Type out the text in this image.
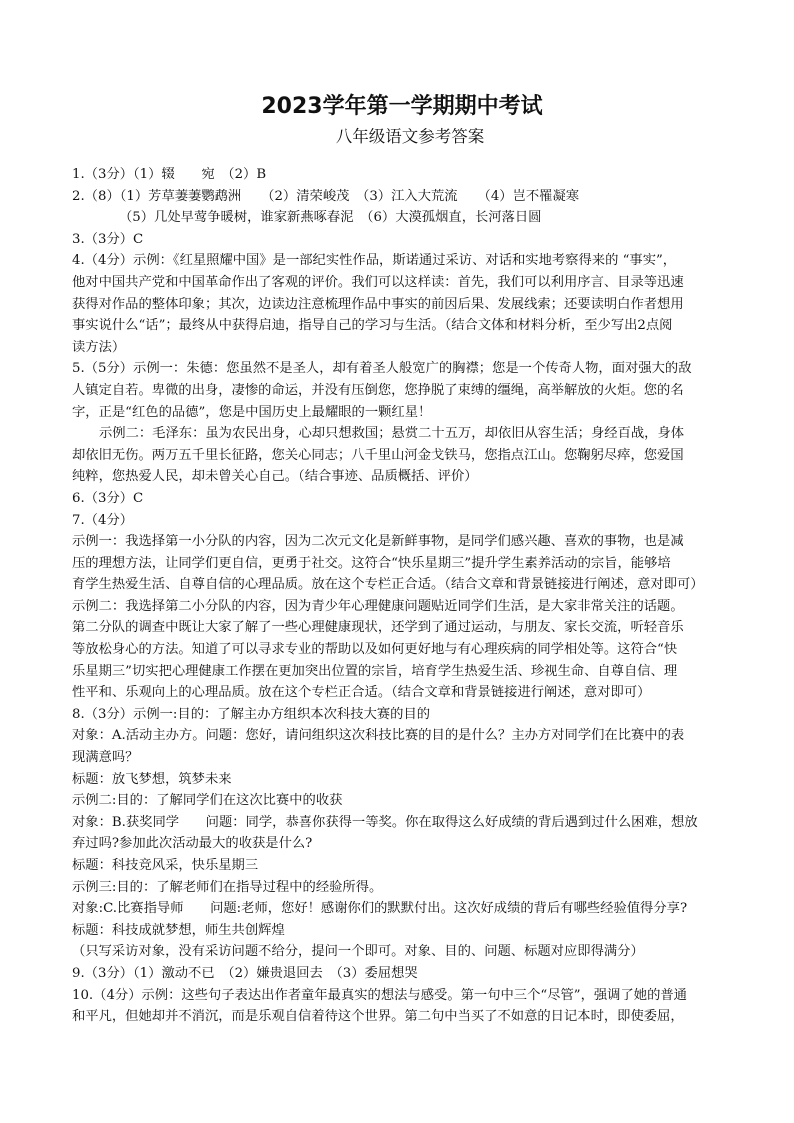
2023学年第一学期期中考试
八年级语文参考答案
1.（3分）（1）辍　　宛　（2）B
2.（8）（1）芳草萋萋鹦鹉洲　　（2）清荣峻茂　（3）江入大荒流　　（4）岂不罹凝寒
（5）几处早莺争暖树，谁家新燕啄春泥　（6）大漠孤烟直，长河落日圆
3.（3分）C
4.（4分）示例：《红星照耀中国》是一部纪实性作品，斯诺通过采访、对话和实地考察得来的 “事实”，
他对中国共产党和中国革命作出了客观的评价。我们可以这样读：首先，我们可以利用序言、目录等迅速
获得对作品的整体印象；其次，边读边注意梳理作品中事实的前因后果、发展线索；还要读明白作者想用
事实说什么“话”；最终从中获得启迪，指导自己的学习与生活。（结合文体和材料分析，至少写出2点阅
读方法）
5.（5分）示例一：朱德：您虽然不是圣人，却有着圣人般宽广的胸襟；您是一个传奇人物，面对强大的敌
人镇定自若。卑微的出身，凄惨的命运，并没有压倒您，您挣脱了束缚的缰绳，高举解放的火炬。您的名
字，正是“红色的品德”，您是中国历史上最耀眼的一颗红星！
示例二：毛泽东：虽为农民出身，心却只想救国；悬赏二十五万，却依旧从容生活；身经百战，身体
却依旧无伤。两万五千里长征路，您关心同志；八千里山河金戈铁马，您指点江山。您鞠躬尽瘁，您爱国
纯粹，您热爱人民，却未曾关心自己。（结合事迹、品质概括、评价）
6.（3分）C
7.（4分）
示例一：我选择第一小分队的内容，因为二次元文化是新鲜事物，是同学们感兴趣、喜欢的事物，也是减
压的理想方法，让同学们更自信，更勇于社交。这符合“快乐星期三”提升学生素养活动的宗旨，能够培
育学生热爱生活、自尊自信的心理品质。放在这个专栏正合适。（结合文章和背景链接进行阐述，意对即可）
示例二：我选择第二小分队的内容，因为青少年心理健康问题贴近同学们生活，是大家非常关注的话题。
第二分队的调查中既让大家了解了一些心理健康现状，还学到了通过运动，与朋友、家长交流，听轻音乐
等放松身心的方法。知道了可以寻求专业的帮助以及如何更好地与有心理疾病的同学相处等。这符合“快
乐星期三”切实把心理健康工作摆在更加突出位置的宗旨，培育学生热爱生活、珍视生命、自尊自信、理
性平和、乐观向上的心理品质。放在这个专栏正合适。（结合文章和背景链接进行阐述，意对即可）
8.（3分）示例一:目的：了解主办方组织本次科技大赛的目的
对象：A.活动主办方。问题：您好，请问组织这次科技比赛的目的是什么？主办方对同学们在比赛中的表
现满意吗？
标题：放飞梦想，筑梦未来
示例二:目的：了解同学们在这次比赛中的收获
对象：B.获奖同学　　问题：同学，恭喜你获得一等奖。你在取得这么好成绩的背后遇到过什么困难，想放
弃过吗?参加此次活动最大的收获是什么?
标题：科技竞风采，快乐星期三
示例三:目的：了解老师们在指导过程中的经验所得。
对象:C.比赛指导师　　问题:老师，您好！感谢你们的默默付出。这次好成绩的背后有哪些经验值得分享?
标题：科技成就梦想，师生共创辉煌
（只写采访对象，没有采访问题不给分，提问一个即可。对象、目的、问题、标题对应即得满分）
9.（3分）（1）激动不已　（2）嫌贵退回去　（3）委屈想哭
10.（4分）示例：这些句子表达出作者童年最真实的想法与感受。第一句中三个“尽管”，强调了她的普通
和平凡，但她却并不消沉，而是乐观自信着待这个世界。第二句中当买了不如意的日记本时，即使委屈，
